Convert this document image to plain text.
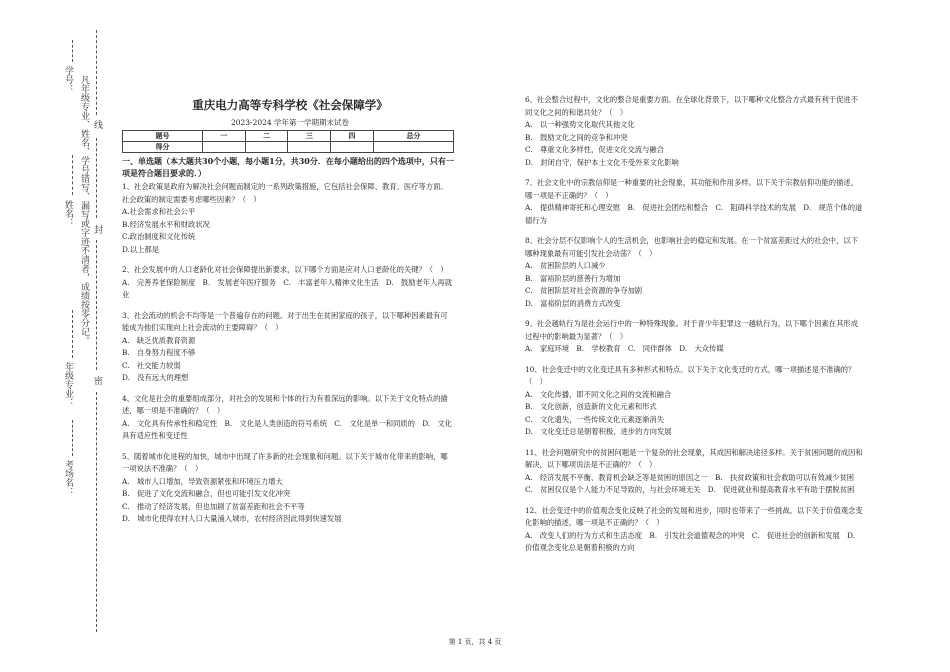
学号：
姓名：
年级专业：
考场名：
凡年级专业、姓名、学号错写、漏写或字迹不清者，成绩按零分记。 线
封
密
重庆电力高等专科学校《社会保障学》
2023-2024 学年第一学期期末试卷
题号	一	二	三	四	总分
得分					
一、单选题（本大题共30个小题，每小题1分，共30分．在每小题给出的四个选项中，只有一项是符合题目要求的．）

1、社会政策是政府为解决社会问题而制定的一系列政策措施，它包括社会保障、教育、医疗等方面。社会政策的制定需要考虑哪些因素？（　）

A.社会需求和社会公平

B.经济发展水平和财政状况

C.政治制度和文化传统

D.以上都是

2、社会发展中的人口老龄化对社会保障提出新要求，以下哪个方面是应对人口老龄化的关键？（　）

A.　完善养老保险制度　B.　发展老年医疗服务　C.　丰富老年人精神文化生活　D.　鼓励老年人再就业

3、社会流动的机会不均等是一个普遍存在的问题。对于出生在贫困家庭的孩子，以下哪种因素最有可能成为他们实现向上社会流动的主要障碍？（　）

A.　缺乏优质教育资源

B.　自身努力程度不够

C.　社交能力较弱

D.　没有远大的理想

4、文化是社会的重要组成部分，对社会的发展和个体的行为有着深远的影响。以下关于文化特点的描述，哪一项是不准确的？（　）

A.　文化具有传承性和稳定性　B.　文化是人类创造的符号系统　C.　文化是单一和同质的　D.　文化具有适应性和变迁性

5、随着城市化进程的加快，城市中出现了许多新的社会现象和问题。以下关于城市化带来的影响，哪一项说法不准确？（　）

A.　城市人口增加，导致资源紧张和环境压力增大

B.　促进了文化交流和融合，但也可能引发文化冲突

C.　推动了经济发展，但也加剧了贫富差距和社会不平等

D.　城市化使得农村人口大量涌入城市，农村经济因此得到快速发展

6、社会整合过程中，文化的整合是重要方面。在全球化背景下，以下哪种文化整合方式最有利于促进不同文化之间的和谐共处？（　）

A.　以一种强势文化取代其他文化

B.　鼓励文化之间的竞争和冲突

C.　尊重文化多样性，促进文化交流与融合

D.　封闭自守，保护本土文化不受外来文化影响

7、社会文化中的宗教信仰是一种重要的社会现象，其功能和作用多样。以下关于宗教信仰功能的描述，哪一项是不正确的？（　）

A.　提供精神寄托和心理安慰　B.　促进社会团结和整合　C.　阻碍科学技术的发展　D.　规范个体的道德行为

8、社会分层不仅影响个人的生活机会，也影响社会的稳定和发展。在一个贫富差距过大的社会中，以下哪种现象最有可能引发社会动荡？（　）

A.　贫困阶层的人口减少

B.　富裕阶层的慈善行为增加

C.　贫困阶层对社会资源的争夺加剧

D.　富裕阶层的消费方式改变

9、社会越轨行为是社会运行中的一种特殊现象。对于青少年犯罪这一越轨行为，以下哪个因素在其形成过程中的影响最为显著？（　）

A.　家庭环境　B.　学校教育　C.　同伴群体　D.　大众传媒

10、社会变迁中的文化变迁具有多种形式和特点。以下关于文化变迁的方式，哪一项描述是不准确的？（　）

A.　文化传播，即不同文化之间的交流和融合

B.　文化创新，创造新的文化元素和形式

C.　文化遗失，一些传统文化元素逐渐消失

D.　文化变迁总是朝着积极、进步的方向发展

11、社会问题研究中的贫困问题是一个复杂的社会现象，其成因和解决途径多样。关于贫困问题的成因和解决，以下哪项说法是不正确的？（　）

A.　经济发展不平衡、教育机会缺乏等是贫困的原因之一　B.　扶贫政策和社会救助可以有效减少贫困　C.　贫困仅仅是个人能力不足导致的，与社会环境无关　D.　促进就业和提高教育水平有助于摆脱贫困

12、社会变迁中的价值观念变化反映了社会的发展和进步，同时也带来了一些挑战。以下关于价值观念变化影响的描述，哪一项是不正确的？（　）

A.　改变人们的行为方式和生活态度　B.　引发社会道德观念的冲突　C.　促进社会的创新和发展　D.　价值观念变化总是朝着积极的方向

第 1 页，共 4 页
